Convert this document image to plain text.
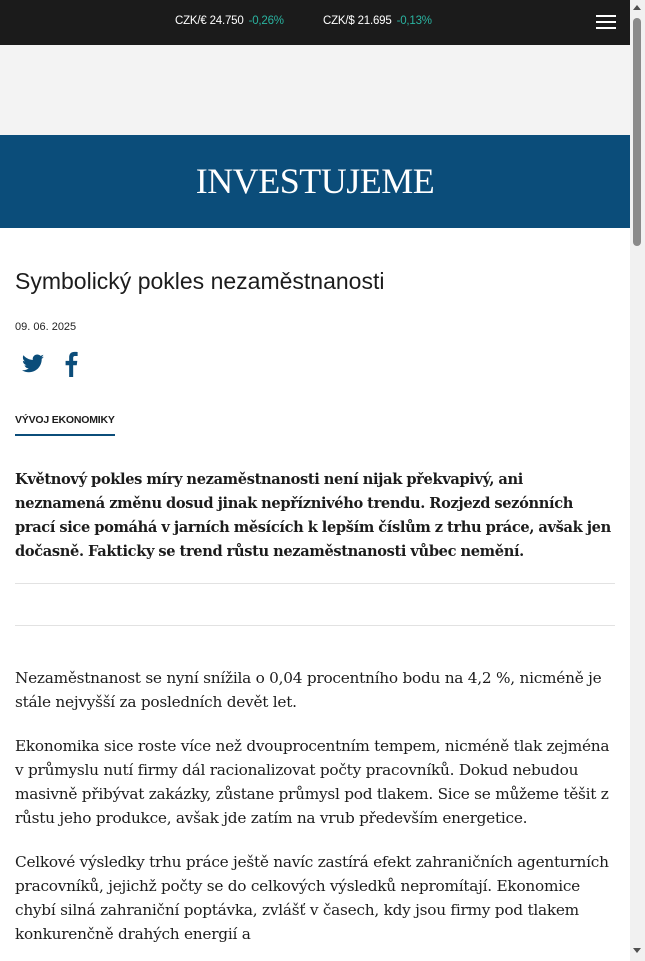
CZK/€ 24.750 -0,26%	CZK/$ 21.695 -0,13%
INVESTUJEME
Symbolický pokles nezaměstnanosti
09. 06. 2025
VÝVOJ EKONOMIKY

Květnový pokles míry nezaměstnanosti není nijak překvapivý, ani neznamená změnu dosud jinak nepříznivého trendu. Rozjezd sezónních prací sice pomáhá v jarních měsících k lepším číslům z trhu práce, avšak jen dočasně. Fakticky se trend růstu nezaměstnanosti vůbec nemění.

Nezaměstnanost se nyní snížila o 0,04 procentního bodu na 4,2 %, nicméně je stále nejvyšší za posledních devět let.

Ekonomika sice roste více než dvouprocentním tempem, nicméně tlak zejména v průmyslu nutí firmy dál racionalizovat počty pracovníků. Dokud nebudou masivně přibývat zakázky, zůstane průmysl pod tlakem. Sice se můžeme těšit z růstu jeho produkce, avšak jde zatím na vrub především energetice.

Celkové výsledky trhu práce ještě navíc zastírá efekt zahraničních agenturních pracovníků, jejichž počty se do celkových výsledků nepromítají. Ekonomice chybí silná zahraniční poptávka, zvlášť v časech, kdy jsou firmy pod tlakem konkurenčně drahých energií a
